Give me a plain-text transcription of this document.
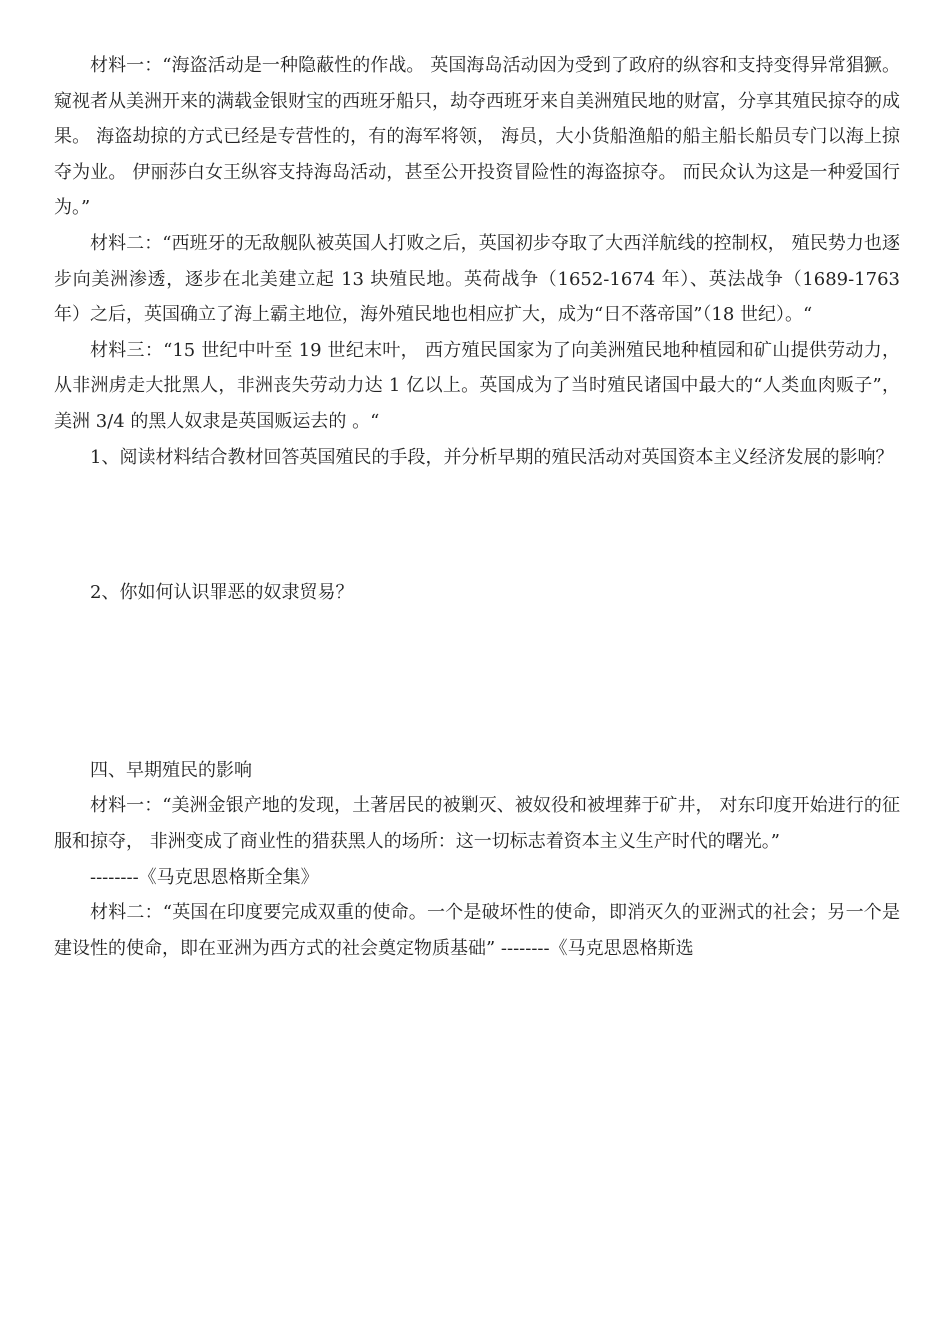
材料一：“海盗活动是一种隐蔽性的作战。 英国海岛活动因为受到了政府的纵容和支持变得异常猖獗。 窥视者从美洲开来的满载金银财宝的西班牙船只，劫夺西班牙来自美洲殖民地的财富，分享其殖民掠夺的成果。 海盗劫掠的方式已经是专营性的，有的海军将领， 海员，大小货船渔船的船主船长船员专门以海上掠夺为业。 伊丽莎白女王纵容支持海岛活动，甚至公开投资冒险性的海盗掠夺。 而民众认为这是一种爱国行为。”

材料二：“西班牙的无敌舰队被英国人打败之后，英国初步夺取了大西洋航线的控制权， 殖民势力也逐步向美洲渗透，逐步在北美建立起 13 块殖民地。英荷战争（1652-1674 年）、英法战争（1689-1763 年）之后，英国确立了海上霸主地位，海外殖民地也相应扩大，成为“日不落帝国”（18 世纪）。“

材料三：“15 世纪中叶至 19 世纪末叶， 西方殖民国家为了向美洲殖民地种植园和矿山提供劳动力， 从非洲虏走大批黑人，非洲丧失劳动力达 1 亿以上。英国成为了当时殖民诸国中最大的“人类血肉贩子”，美洲 3/4 的黑人奴隶是英国贩运去的 。“

1、阅读材料结合教材回答英国殖民的手段，并分析早期的殖民活动对英国资本主义经济发展的影响？

2、你如何认识罪恶的奴隶贸易？

四、早期殖民的影响

材料一：“美洲金银产地的发现，土著居民的被剿灭、被奴役和被埋葬于矿井， 对东印度开始进行的征服和掠夺， 非洲变成了商业性的猎获黑人的场所：这一切标志着资本主义生产时代的曙光。”

--------《马克思恩格斯全集》

材料二：“英国在印度要完成双重的使命。一个是破坏性的使命，即消灭久的亚洲式的社会；另一个是建设性的使命，即在亚洲为西方式的社会奠定物质基础” --------《马克思恩格斯选
